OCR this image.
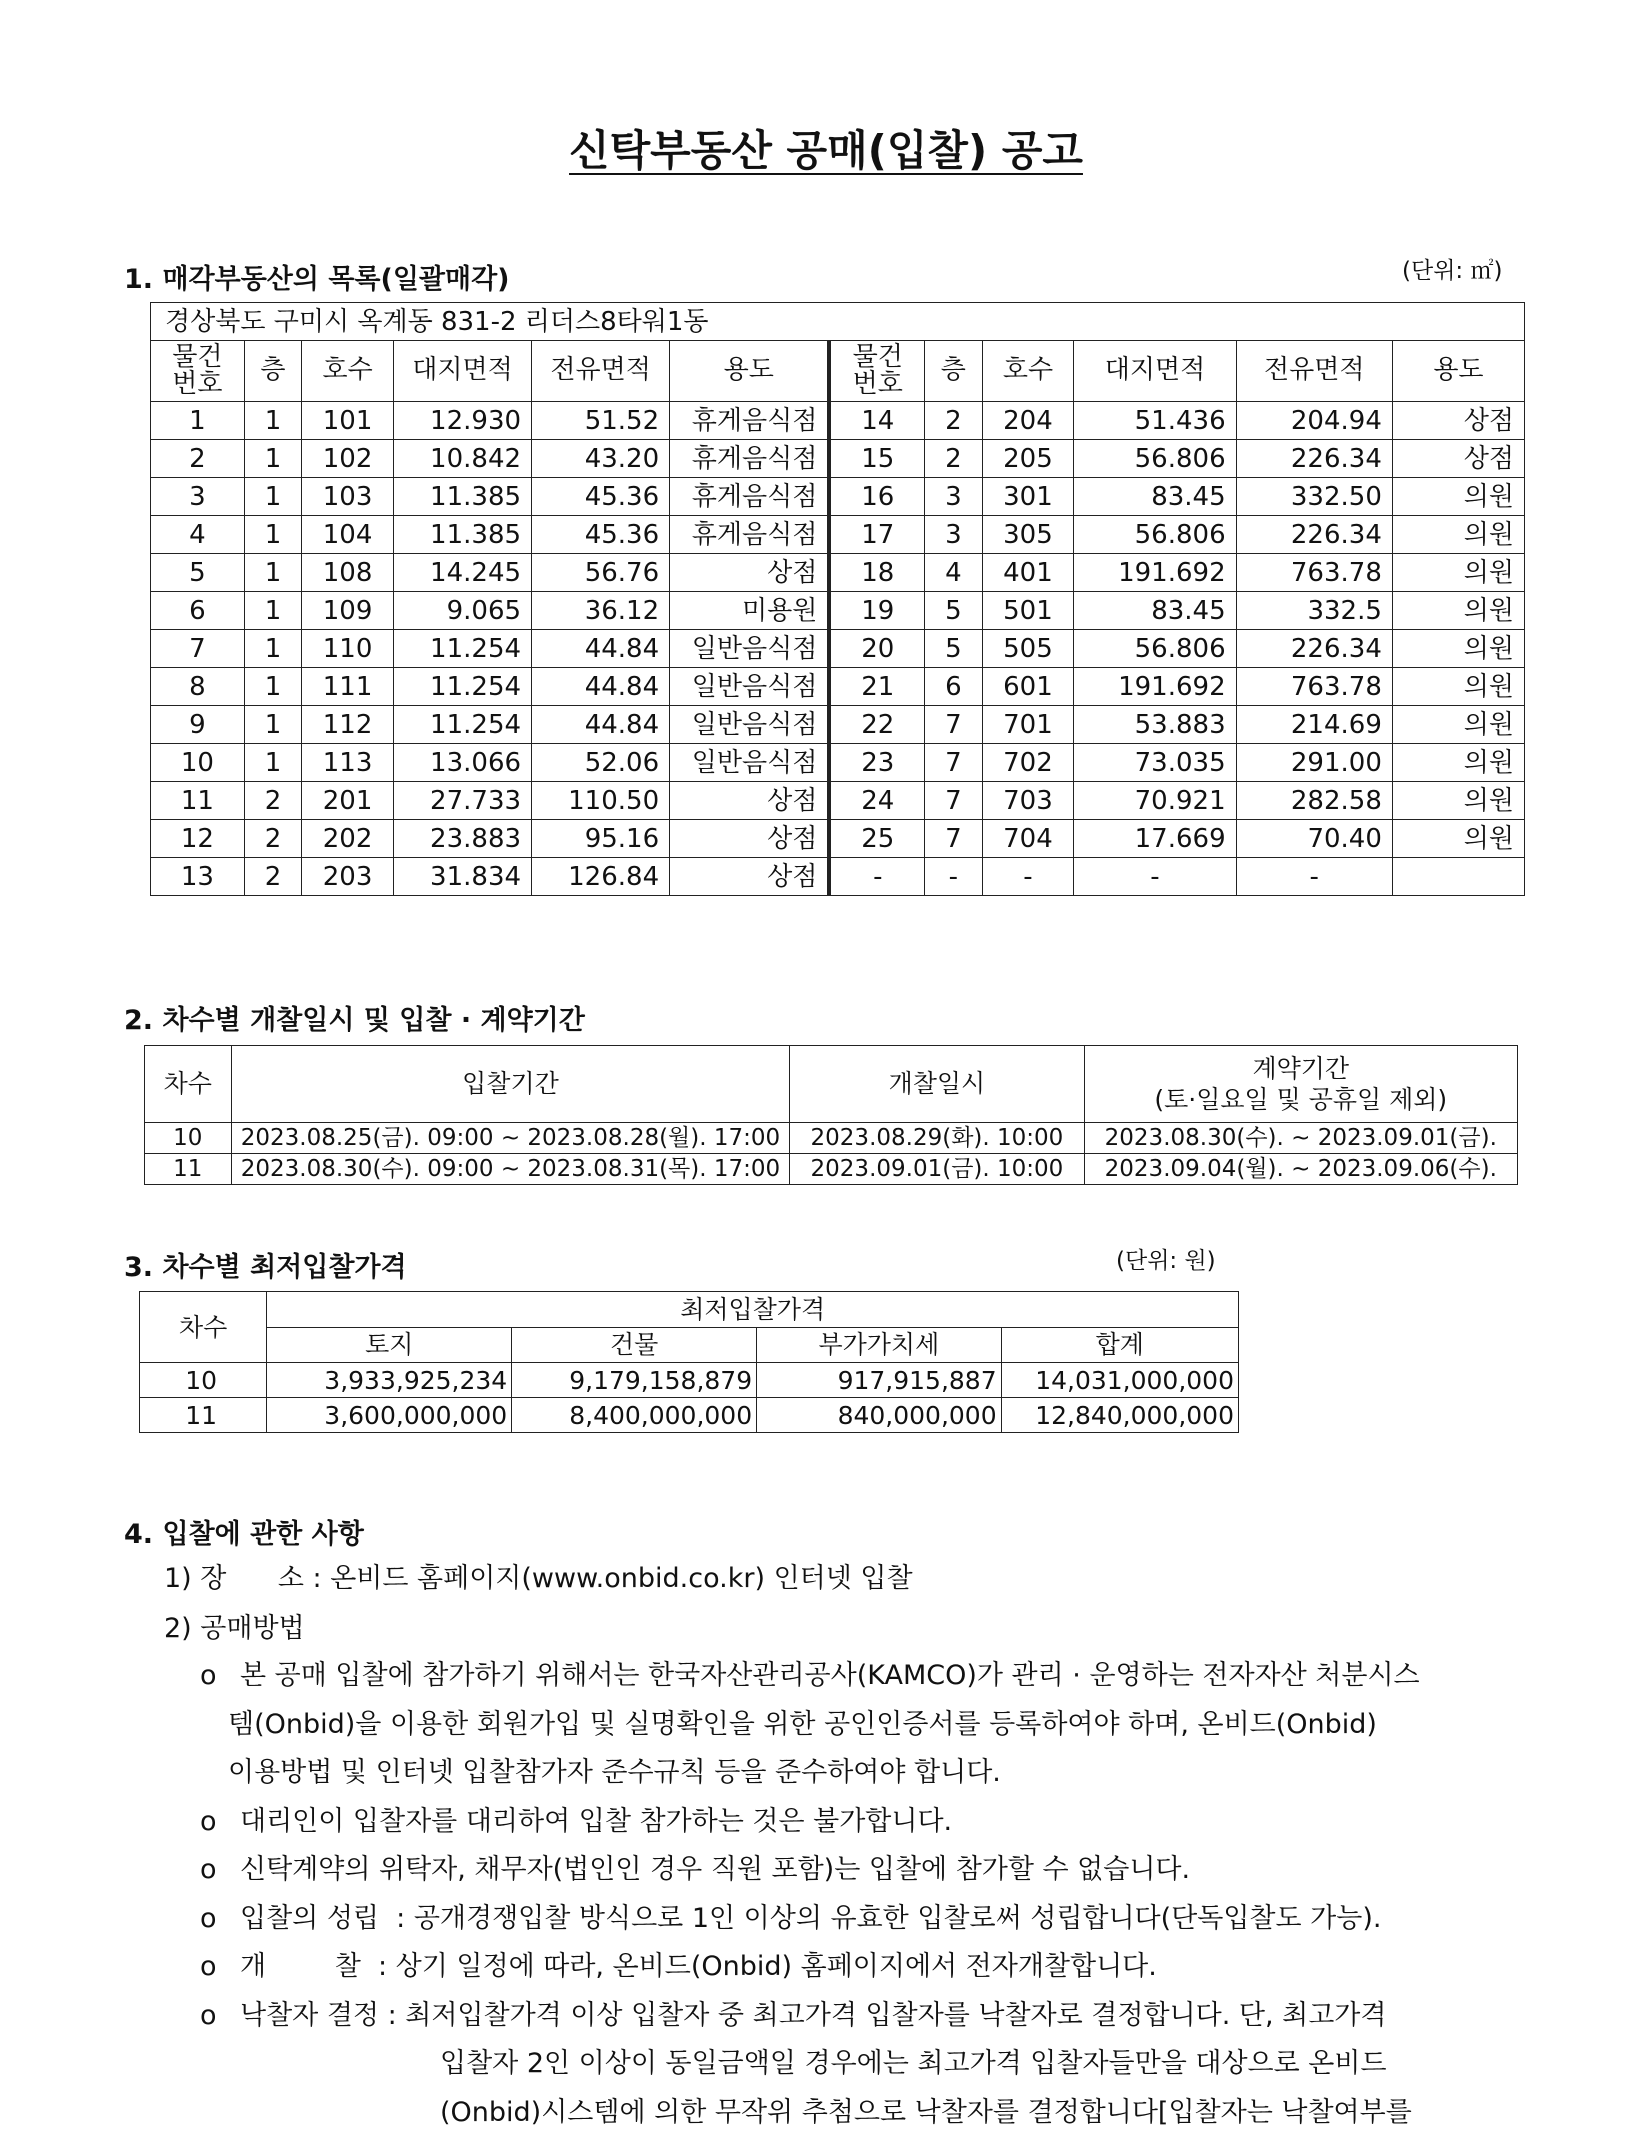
신탁부동산 공매(입찰) 공고
1. 매각부동산의 목록(일괄매각)	(단위: ㎡)
경상북도 구미시 옥계동 831-2 리더스8타워1동											
물건
번호	층	호수	대지면적	전유면적	용도	물건
번호	층	호수	대지면적	전유면적	용도
1	1	101	12.930	51.52	휴게음식점	14	2	204	51.436	204.94	상점
2	1	102	10.842	43.20	휴게음식점	15	2	205	56.806	226.34	상점
3	1	103	11.385	45.36	휴게음식점	16	3	301	83.45	332.50	의원
4	1	104	11.385	45.36	휴게음식점	17	3	305	56.806	226.34	의원
5	1	108	14.245	56.76	상점	18	4	401	191.692	763.78	의원
6	1	109	9.065	36.12	미용원	19	5	501	83.45	332.5	의원
7	1	110	11.254	44.84	일반음식점	20	5	505	56.806	226.34	의원
8	1	111	11.254	44.84	일반음식점	21	6	601	191.692	763.78	의원
9	1	112	11.254	44.84	일반음식점	22	7	701	53.883	214.69	의원
10	1	113	13.066	52.06	일반음식점	23	7	702	73.035	291.00	의원
11	2	201	27.733	110.50	상점	24	7	703	70.921	282.58	의원
12	2	202	23.883	95.16	상점	25	7	704	17.669	70.40	의원
13	2	203	31.834	126.84	상점	-	-	-	-	-	
2. 차수별 개찰일시 및 입찰 · 계약기간
차수	입찰기간	개찰일시	계약기간
(토·일요일 및 공휴일 제외)
10	2023.08.25(금). 09:00 ~ 2023.08.28(월). 17:00	2023.08.29(화). 10:00	2023.08.30(수). ~ 2023.09.01(금).
11	2023.08.30(수). 09:00 ~ 2023.08.31(목). 17:00	2023.09.01(금). 10:00	2023.09.04(월). ~ 2023.09.06(수).
3. 차수별 최저입찰가격	(단위: 원)
차수	최저입찰가격			
	토지	건물	부가가치세	합계
10	3,933,925,234	9,179,158,879	917,915,887	14,031,000,000
11	3,600,000,000	8,400,000,000	840,000,000	12,840,000,000
4. 입찰에 관한 사항
1) 장      소 : 온비드 홈페이지(www.onbid.co.kr) 인터넷 입찰
2) 공매방법
o 본 공매 입찰에 참가하기 위해서는 한국자산관리공사(KAMCO)가 관리 · 운영하는 전자자산 처분시스
템(Onbid)을 이용한 회원가입 및 실명확인을 위한 공인인증서를 등록하여야 하며, 온비드(Onbid)
이용방법 및 인터넷 입찰참가자 준수규칙 등을 준수하여야 합니다.
o 대리인이 입찰자를 대리하여 입찰 참가하는 것은 불가합니다.
o 신탁계약의 위탁자, 채무자(법인인 경우 직원 포함)는 입찰에 참가할 수 없습니다.
o 입찰의 성립  : 공개경쟁입찰 방식으로 1인 이상의 유효한 입찰로써 성립합니다(단독입찰도 가능).
o 개        찰  : 상기 일정에 따라, 온비드(Onbid) 홈페이지에서 전자개찰합니다.
o 낙찰자 결정 : 최저입찰가격 이상 입찰자 중 최고가격 입찰자를 낙찰자로 결정합니다. 단, 최고가격
입찰자 2인 이상이 동일금액일 경우에는 최고가격 입찰자들만을 대상으로 온비드
(Onbid)시스템에 의한 무작위 추첨으로 낙찰자를 결정합니다[입찰자는 낙찰여부를
